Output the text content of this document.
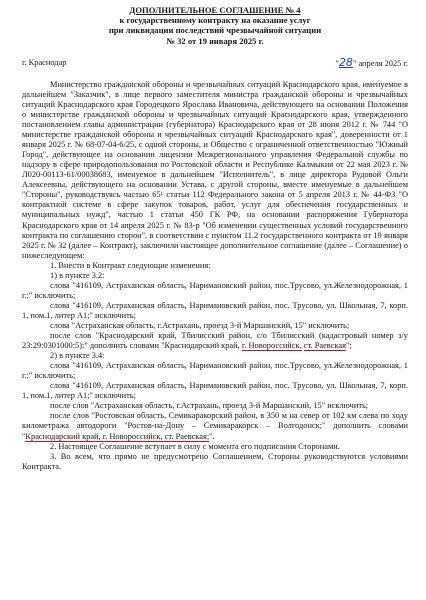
ДОПОЛНИТЕЛЬНОЕ СОГЛАШЕНИЕ № 4
к государственному контракту на оказание услуг
при ликвидации последствий чрезвычайной ситуации
№ 32 от 19 января 2025 г.
г. Краснодар	"28" апреля 2025 г.

Министерство гражданской обороны и чрезвычайных ситуаций Краснодарского края, именуемое в дальнейшем "Заказчик", в лице первого заместителя министра гражданской обороны и чрезвычайных ситуаций Краснодарского края Городецкого Ярослава Ивановича, действующего на основании Положения о министерстве гражданской обороны и чрезвычайных ситуаций Краснодарского края, утвержденного постановлением главы администрации (губернатора) Краснодарского края от 28 июня 2012 г. № 744 "О министерстве гражданской обороны и чрезвычайных ситуаций Краснодарского края", доверенности от 1 января 2025 г. № 68-07-04-6/25, с одной стороны, и Общество с ограниченной ответственностью "Южный Город", действующее на основании лицензии Межрегионального управления Федеральной службы по надзору в сфере природопользования по Ростовской области и Республике Калмыкия от 22 мая 2023 г. № Л020-00113-61/00038683, именуемое в дальнейшем "Исполнитель", в лице директора Рудовой Ольги Алексеевны, действующего на основании Устава, с другой стороны, вместе именуемые в дальнейшем "Стороны", руководствуясь частью 65¹ статьи 112 Федерального закона от 5 апреля 2013 г. № 44-ФЗ "О контрактной системе в сфере закупок товаров, работ, услуг для обеспечения государственных и муниципальных нужд", частью 1 статьи 450 ГК РФ, на основании распоряжения Губернатора Краснодарского края от 14 апреля 2025 г. № 83-р "Об изменении существенных условий государственного контракта по соглашению сторон", в соответствии с пунктом 11.2 государственного контракта от 19 января 2025 г. № 32 (далее – Контракт), заключили настоящее дополнительное соглашение (далее – Соглашение) о нижеследующем:

1. Внести в Контракт следующие изменения:

1) в пункте 3.2:

слова "416109, Астраханская область, Наримановский район, пос.Трусово, ул.Железнодорожная, 1 г.;" исключить;

слова "416109, Астраханская область, Наримановский район, пос. Трусово, ул. Школьная, 7, корп. 1, пом.1, литер А1;" исключить;

слова "Астраханская область, г.Астрахань, проезд 3-й Маршанский, 15" исключить;

после слов "Краснодарский край, Тбилисский район, с/о Тбилисский (кадастровый номер з/у 23:29:0301000:5);" дополнить словами "Краснодарский край, г. Новороссийск, ст. Раевская";

2) в пункте 3.4:

слова "416109, Астраханская область, Наримановский район, пос.Трусово, ул.Железнодорожная, 1 г.;" исключить;

слова "416109, Астраханская область, Наримановский район, пос. Трусово, ул. Школьная, 7, корп. 1, пом.1, литер А1;" исключить;

после слов "Астраханская область, г.Астрахань, проезд 3-й Маршанский, 15" исключить;

после слов "Ростовская область, Семикаракорский район, в 350 м на север от 102 км слева по ходу километража автодороги "Ростов-на-Дону – Семикаракорск – Волгодонск;" дополнить словами "Краснодарский край, г. Новороссийск, ст. Раевская;".

2. Настоящее Соглашение вступает в силу с момента его подписания Сторонами.

3. Во всем, что прямо не предусмотрено Соглашением, Стороны руководствуются условиями Контракта.
